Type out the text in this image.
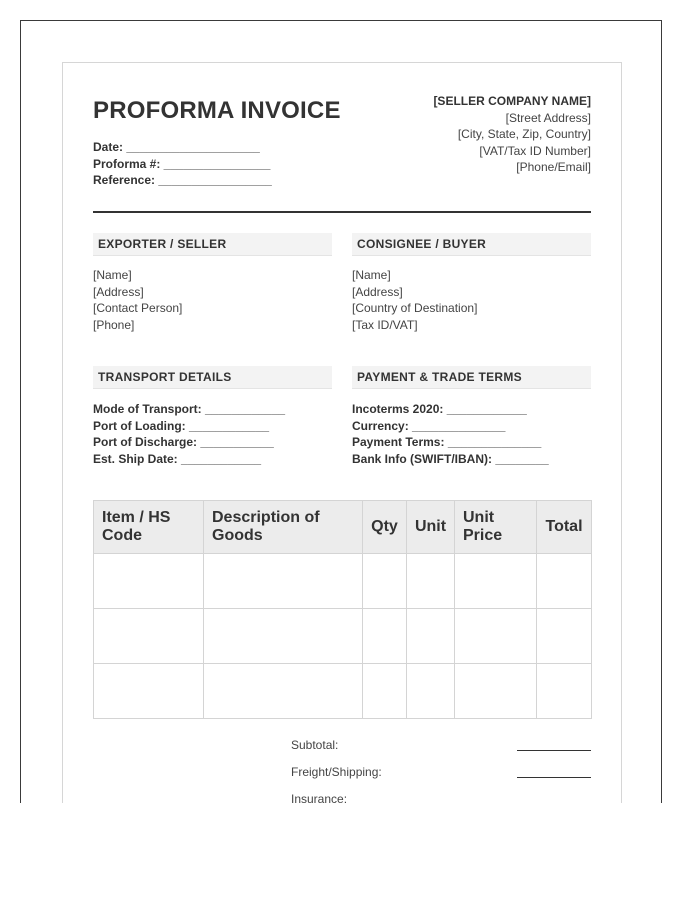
PROFORMA INVOICE
Date: ____________________
Proforma #: ________________
Reference: _________________
[SELLER COMPANY NAME]
[Street Address]
[City, State, Zip, Country]
[VAT/Tax ID Number]
[Phone/Email]
EXPORTER / SELLER
[Name]
[Address]
[Contact Person]
[Phone]
CONSIGNEE / BUYER
[Name]
[Address]
[Country of Destination]
[Tax ID/VAT]
TRANSPORT DETAILS
Mode of Transport: ____________
Port of Loading: ____________
Port of Discharge: ___________
Est. Ship Date: ____________
PAYMENT & TRADE TERMS
Incoterms 2020: ____________
Currency: ______________
Payment Terms: ______________
Bank Info (SWIFT/IBAN): ________
Item / HS Code	Description of Goods	Qty	Unit	Unit Price	Total

Subtotal:
Freight/Shipping:
Insurance:
